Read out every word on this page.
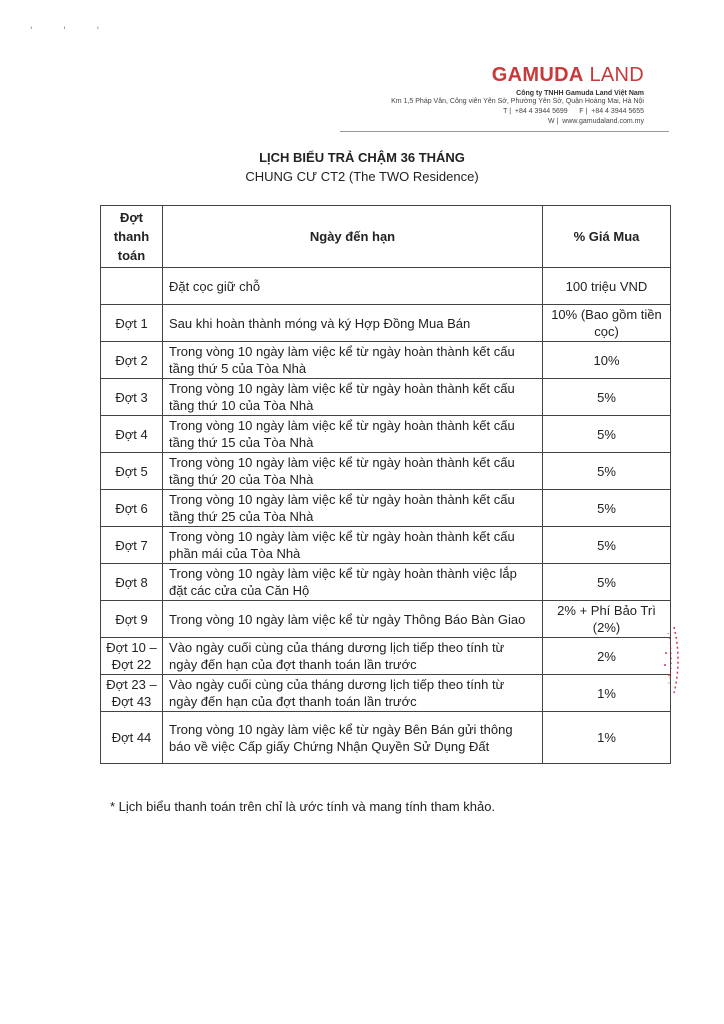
' ' '
GAMUDA LAND
Công ty TNHH Gamuda Land Việt Nam
Km 1,5 Pháp Vân, Công viên Yên Sở, Phường Yên Sở, Quận Hoàng Mai, Hà Nội
T |  +84 4 3944 5699      F |  +84 4 3944 5655
W |  www.gamudaland.com.my
LỊCH BIỂU TRẢ CHẬM 36 THÁNG
CHUNG CƯ CT2 (The TWO Residence)
Đợt thanh toán	Ngày đến hạn	% Giá Mua
	Đặt cọc giữ chỗ	100 triệu VND
Đợt 1	Sau khi hoàn thành móng và ký Hợp Đồng Mua Bán	10% (Bao gồm tiền cọc)
Đợt 2	Trong vòng 10 ngày làm việc kể từ ngày hoàn thành kết cấu tầng thứ 5 của Tòa Nhà	10%
Đợt 3	Trong vòng 10 ngày làm việc kể từ ngày hoàn thành kết cấu tầng thứ 10 của Tòa Nhà	5%
Đợt 4	Trong vòng 10 ngày làm việc kể từ ngày hoàn thành kết cấu tầng thứ 15 của Tòa Nhà	5%
Đợt 5	Trong vòng 10 ngày làm việc kể từ ngày hoàn thành kết cấu tầng thứ 20 của Tòa Nhà	5%
Đợt 6	Trong vòng 10 ngày làm việc kể từ ngày hoàn thành kết cấu tầng thứ 25 của Tòa Nhà	5%
Đợt 7	Trong vòng 10 ngày làm việc kể từ ngày hoàn thành kết cấu phần mái của Tòa Nhà	5%
Đợt 8	Trong vòng 10 ngày làm việc kể từ ngày hoàn thành việc lắp đặt các cửa của Căn Hộ	5%
Đợt 9	Trong vòng 10 ngày làm việc kể từ ngày Thông Báo Bàn Giao	2% + Phí Bảo Trì (2%)
Đợt 10 – Đợt 22	Vào ngày cuối cùng của tháng dương lịch tiếp theo tính từ ngày đến hạn của đợt thanh toán lần trước	2%
Đợt 23 – Đợt 43	Vào ngày cuối cùng của tháng dương lịch tiếp theo tính từ ngày đến hạn của đợt thanh toán lần trước	1%
Đợt 44	Trong vòng 10 ngày làm việc kể từ ngày Bên Bán gửi thông báo về việc Cấp giấy Chứng Nhận Quyền Sử Dụng Đất	1%
* Lịch biểu thanh toán trên chỉ là ước tính và mang tính tham khảo.
